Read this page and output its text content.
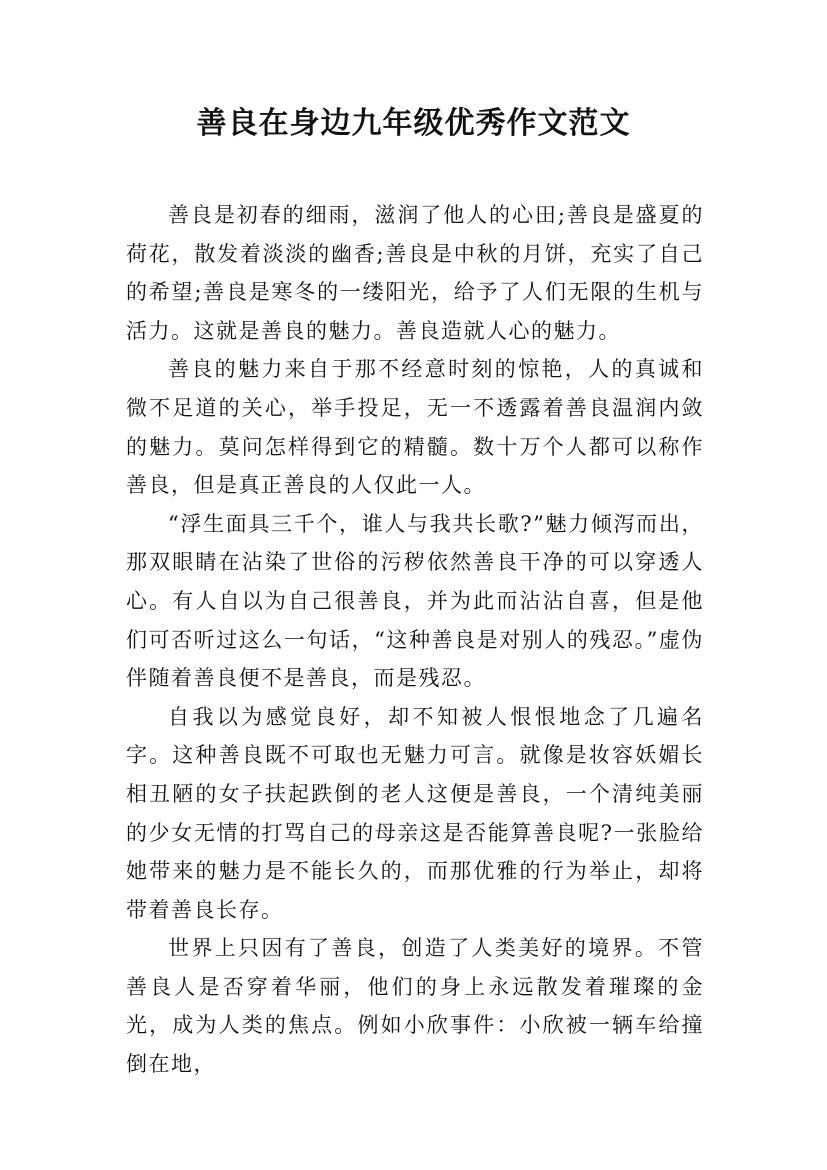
善良在身边九年级优秀作文范文

善良是初春的细雨，滋润了他人的心田;善良是盛夏的荷花，散发着淡淡的幽香;善良是中秋的月饼，充实了自己的希望;善良是寒冬的一缕阳光，给予了人们无限的生机与活力。这就是善良的魅力。善良造就人心的魅力。

善良的魅力来自于那不经意时刻的惊艳，人的真诚和微不足道的关心，举手投足，无一不透露着善良温润内敛的魅力。莫问怎样得到它的精髓。数十万个人都可以称作善良，但是真正善良的人仅此一人。

“浮生面具三千个，谁人与我共长歌?”魅力倾泻而出，那双眼睛在沾染了世俗的污秽依然善良干净的可以穿透人心。有人自以为自己很善良，并为此而沾沾自喜，但是他们可否听过这么一句话，“这种善良是对别人的残忍。”虚伪伴随着善良便不是善良，而是残忍。

自我以为感觉良好，却不知被人恨恨地念了几遍名字。这种善良既不可取也无魅力可言。就像是妆容妖媚长相丑陋的女子扶起跌倒的老人这便是善良，一个清纯美丽的少女无情的打骂自己的母亲这是否能算善良呢?一张脸给她带来的魅力是不能长久的，而那优雅的行为举止，却将带着善良长存。

世界上只因有了善良，创造了人类美好的境界。不管善良人是否穿着华丽，他们的身上永远散发着璀璨的金光，成为人类的焦点。例如小欣事件：小欣被一辆车给撞倒在地，
